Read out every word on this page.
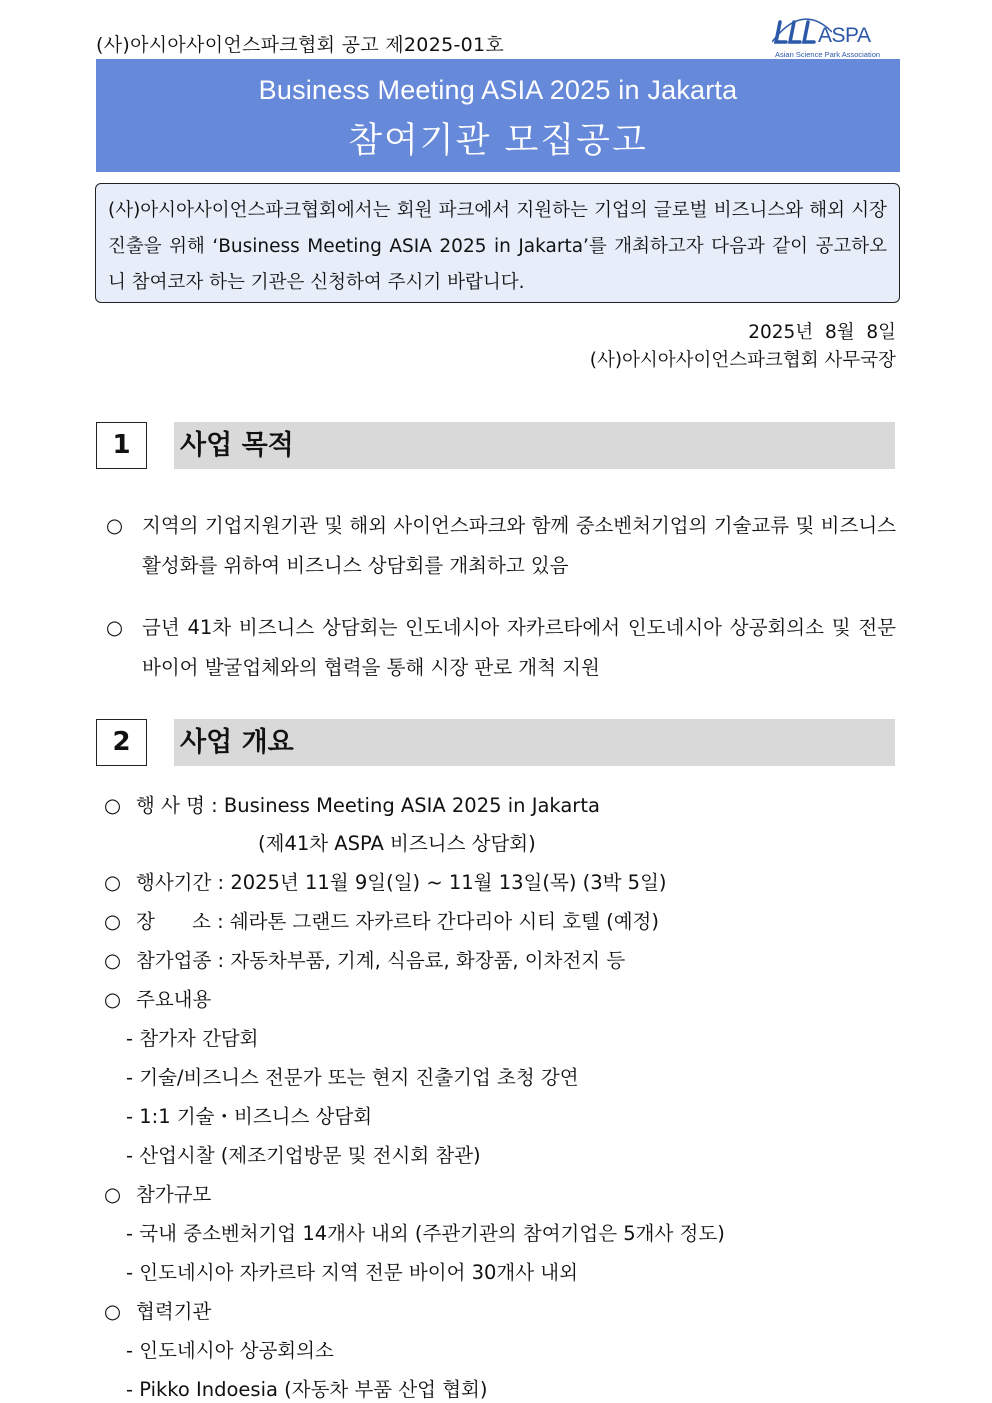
(사)아시아사이언스파크협회 공고 제2025-01호	ASPA
Asian Science Park Association
Business Meeting ASIA 2025 in Jakarta
참여기관 모집공고

(사)아시아사이언스파크협회에서는 회원 파크에서 지원하는 기업의 글로벌 비즈니스와 해외 시장 진출을 위해 ‘Business Meeting ASIA 2025 in Jakarta’를 개최하고자 다음과 같이 공고하오니 참여코자 하는 기관은 신청하여 주시기 바랍니다.

2025년  8월  8일
(사)아시아사이언스파크협회 사무국장
1	사업 목적
○ 지역의 기업지원기관 및 해외 사이언스파크와 함께 중소벤처기업의 기술교류 및 비즈니스 활성화를 위하여 비즈니스 상담회를 개최하고 있음
○ 금년 41차 비즈니스 상담회는 인도네시아 자카르타에서 인도네시아 상공회의소 및 전문 바이어 발굴업체와의 협력을 통해 시장 판로 개척 지원
2	사업 개요
○ 행 사 명 : Business Meeting ASIA 2025 in Jakarta
(제41차 ASPA 비즈니스 상담회)
○ 행사기간 : 2025년 11월 9일(일) ~ 11월 13일(목) (3박 5일)
○ 장      소 : 쉐라톤 그랜드 자카르타 간다리아 시티 호텔 (예정)
○ 참가업종 : 자동차부품, 기계, 식음료, 화장품, 이차전지 등
○ 주요내용
- 참가자 간담회
- 기술/비즈니스 전문가 또는 현지 진출기업 초청 강연
- 1:1 기술・비즈니스 상담회
- 산업시찰 (제조기업방문 및 전시회 참관)
○ 참가규모
- 국내 중소벤처기업 14개사 내외 (주관기관의 참여기업은 5개사 정도)
- 인도네시아 자카르타 지역 전문 바이어 30개사 내외
○ 협력기관
- 인도네시아 상공회의소
- Pikko Indoesia (자동차 부품 산업 협회)
